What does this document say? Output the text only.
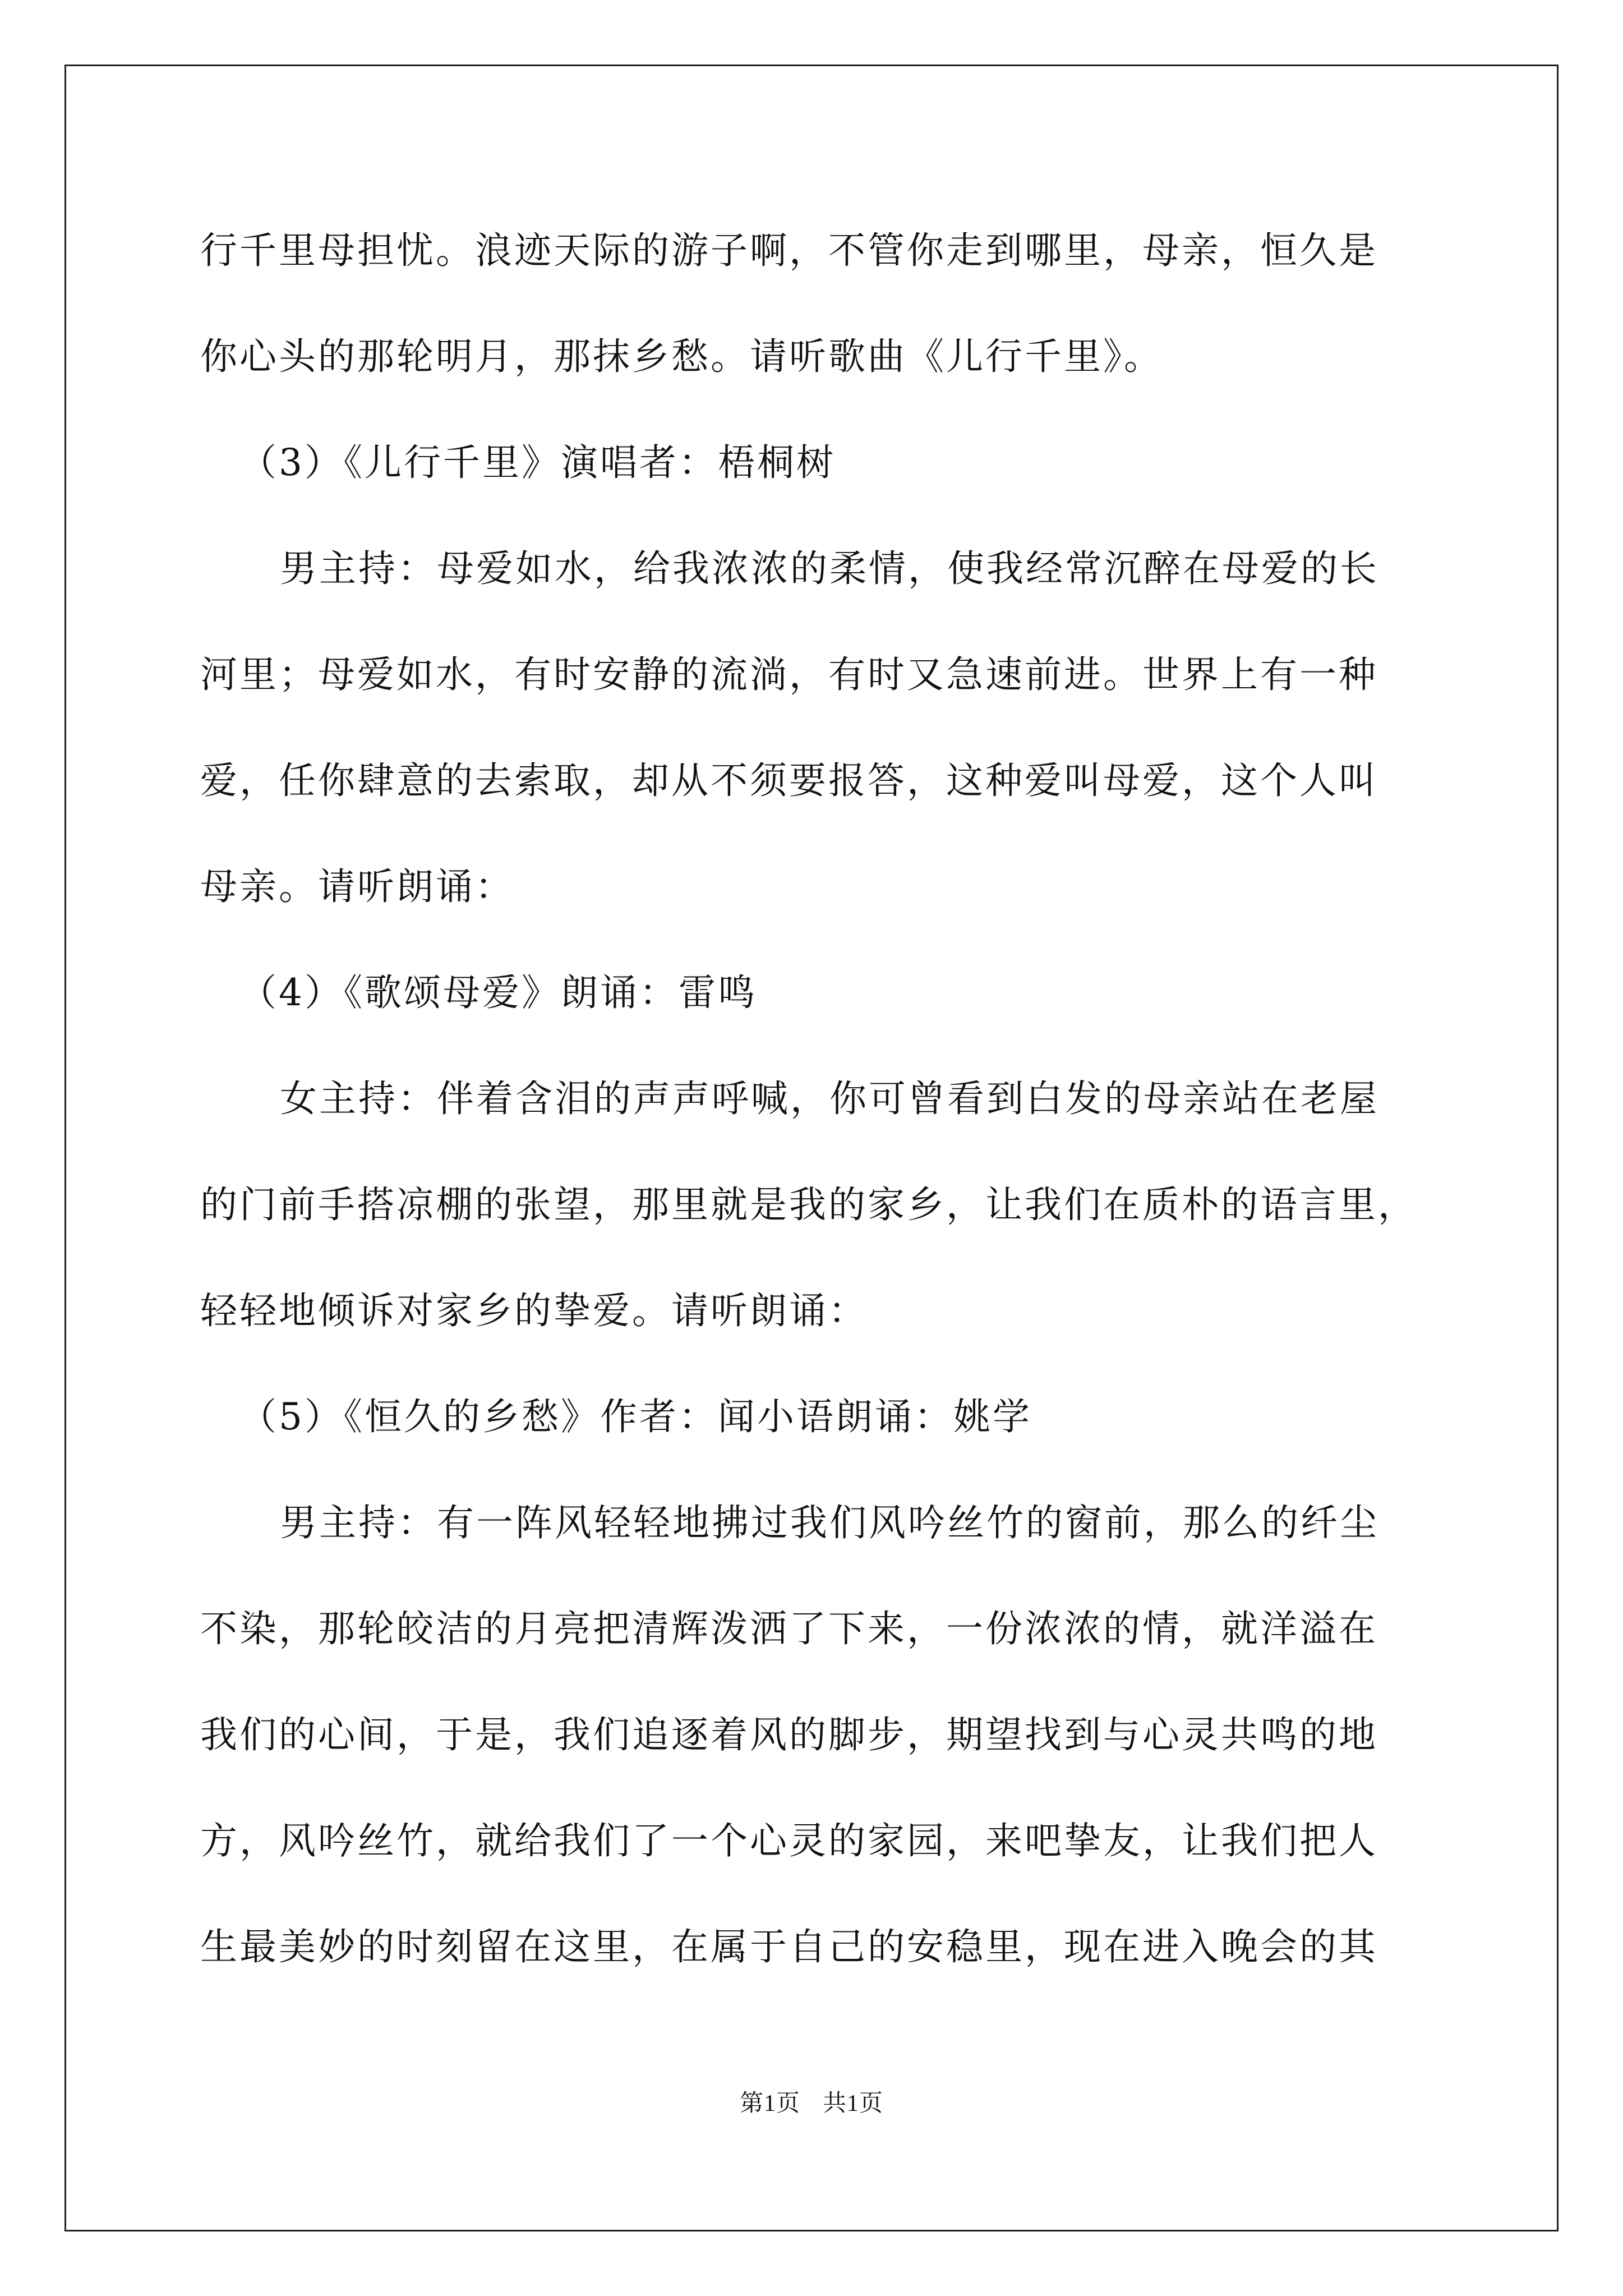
行千里母担忧。浪迹天际的游子啊，不管你走到哪里，母亲，恒久是

你心头的那轮明月，那抹乡愁。请听歌曲《儿行千里》。

（3）《儿行千里》演唱者：梧桐树

男主持：母爱如水，给我浓浓的柔情，使我经常沉醉在母爱的长

河里；母爱如水，有时安静的流淌，有时又急速前进。世界上有一种

爱，任你肆意的去索取，却从不须要报答，这种爱叫母爱，这个人叫

母亲。请听朗诵：

（4）《歌颂母爱》朗诵：雷鸣

女主持：伴着含泪的声声呼喊，你可曾看到白发的母亲站在老屋

的门前手搭凉棚的张望，那里就是我的家乡，让我们在质朴的语言里，

轻轻地倾诉对家乡的挚爱。请听朗诵：

（5）《恒久的乡愁》作者：闻小语朗诵：姚学

男主持：有一阵风轻轻地拂过我们风吟丝竹的窗前，那么的纤尘

不染，那轮皎洁的月亮把清辉泼洒了下来，一份浓浓的情，就洋溢在

我们的心间，于是，我们追逐着风的脚步，期望找到与心灵共鸣的地

方，风吟丝竹，就给我们了一个心灵的家园，来吧挚友，让我们把人

生最美妙的时刻留在这里，在属于自己的安稳里，现在进入晚会的其

第1页 共1页
